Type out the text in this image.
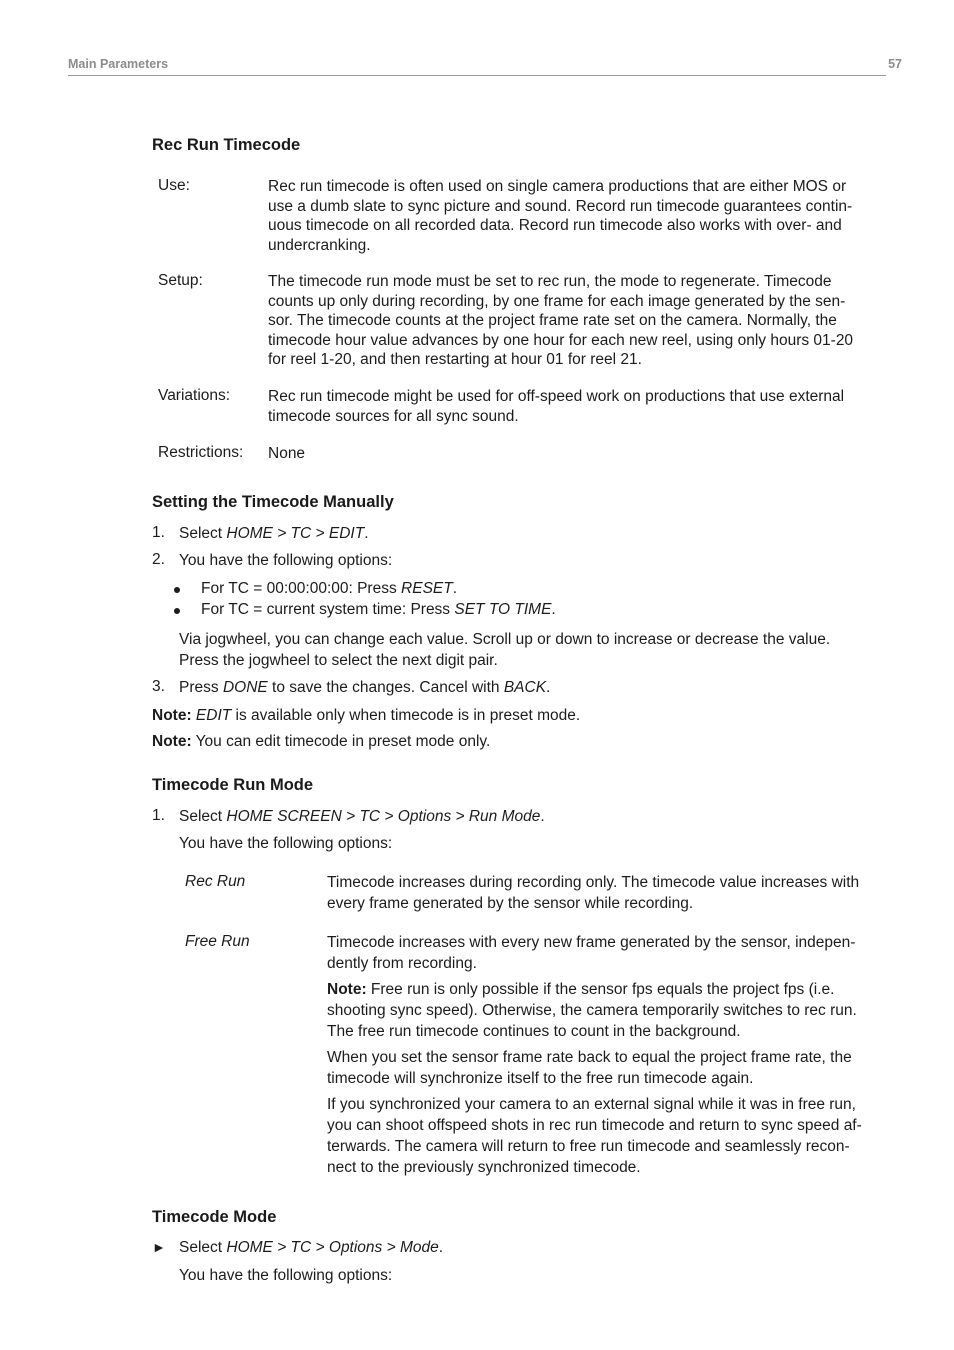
Main Parameters	57
Rec Run Timecode
Use:	Rec run timecode is often used on single camera productions that are either MOS or
use a dumb slate to sync picture and sound. Record run timecode guarantees contin-
uous timecode on all recorded data. Record run timecode also works with over- and
undercranking.
Setup:	The timecode run mode must be set to rec run, the mode to regenerate. Timecode
counts up only during recording, by one frame for each image generated by the sen-
sor. The timecode counts at the project frame rate set on the camera. Normally, the
timecode hour value advances by one hour for each new reel, using only hours 01-20
for reel 1-20, and then restarting at hour 01 for reel 21.
Variations: Rec run timecode might be used for off-speed work on productions that use external
timecode sources for all sync sound.
Restrictions: None
Setting the Timecode Manually
1. Select HOME > TC > EDIT.
2. You have the following options:
For TC = 00:00:00:00: Press RESET.
For TC = current system time: Press SET TO TIME.
Via jogwheel, you can change each value. Scroll up or down to increase or decrease the value.
Press the jogwheel to select the next digit pair.
3. Press DONE to save the changes. Cancel with BACK.
Note: EDIT is available only when timecode is in preset mode.
Note: You can edit timecode in preset mode only.
Timecode Run Mode
1. Select HOME SCREEN > TC > Options > Run Mode.
You have the following options:
Rec Run	Timecode increases during recording only. The timecode value increases with
every frame generated by the sensor while recording.
Free Run	Timecode increases with every new frame generated by the sensor, indepen-
dently from recording.
Note: Free run is only possible if the sensor fps equals the project fps (i.e.
shooting sync speed). Otherwise, the camera temporarily switches to rec run.
The free run timecode continues to count in the background.
When you set the sensor frame rate back to equal the project frame rate, the
timecode will synchronize itself to the free run timecode again.
If you synchronized your camera to an external signal while it was in free run,
you can shoot offspeed shots in rec run timecode and return to sync speed af-
terwards. The camera will return to free run timecode and seamlessly recon-
nect to the previously synchronized timecode.
Timecode Mode
► Select HOME > TC > Options > Mode.
You have the following options:
